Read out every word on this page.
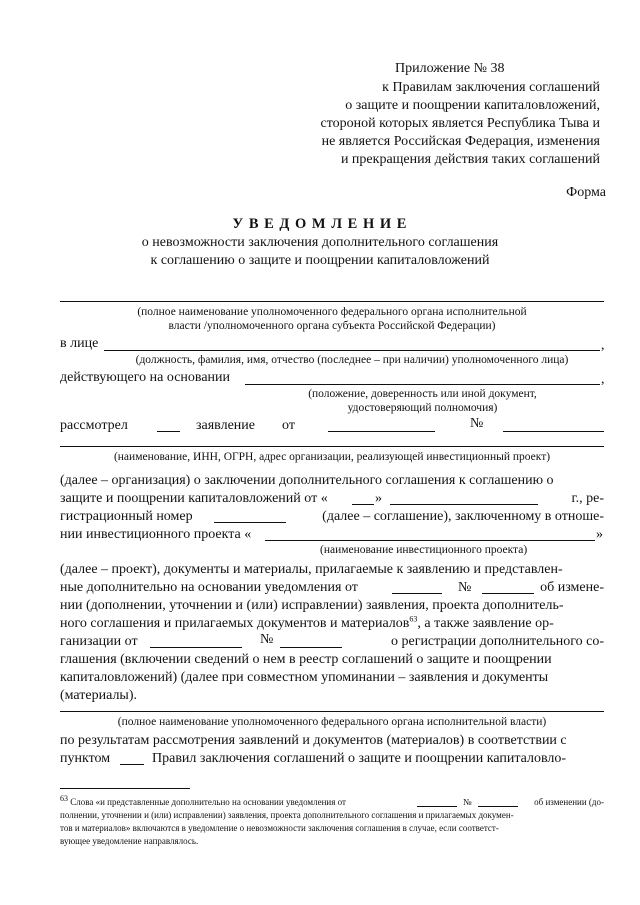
Приложение № 38
к Правилам заключения соглашений
о защите и поощрении капиталовложений,
стороной которых является Республика Тыва и
не является Российская Федерация, изменения
и прекращения действия таких соглашений
Форма
У В Е Д О М Л Е Н И Е
о невозможности заключения дополнительного соглашения
к соглашению о защите и поощрении капиталовложений
(полное наименование уполномоченного федерального органа исполнительной
власти /уполномоченного органа субъекта Российской Федерации)
в лице	,
(должность, фамилия, имя, отчество (последнее – при наличии) уполномоченного лица)
действующего на основании	,
(положение, доверенность или иной документ,
удостоверяющий полномочия)
рассмотрел	заявление от	№
(наименование, ИНН, ОГРН, адрес организации, реализующей инвестиционный проект)
(далее – организация) о заключении дополнительного соглашения к соглашению о
защите и поощрении капиталовложений от «	»	г., ре-
гистрационный номер	(далее – соглашение), заключенному в отноше-
нии инвестиционного проекта «	»
(наименование инвестиционного проекта)
(далее – проект), документы и материалы, прилагаемые к заявлению и представлен-
ные дополнительно на основании уведомления от	№	об измене-
нии (дополнении, уточнении и (или) исправлении) заявления, проекта дополнитель-
ного соглашения и прилагаемых документов и материалов$^{63}$, а также заявление ор-
ганизации от	№	о регистрации дополнительного со-
глашения (включении сведений о нем в реестр соглашений о защите и поощрении
капиталовложений) (далее при совместном упоминании – заявления и документы
(материалы).
(полное наименование уполномоченного федерального органа исполнительной власти)
по результатам рассмотрения заявлений и документов (материалов) в соответствии с
пунктом	Правил заключения соглашений о защите и поощрении капиталовло-
$^{63}$ Слова «и представленные дополнительно на основании уведомления от	№	об изменении (до-
полнении, уточнении и (или) исправлении) заявления, проекта дополнительного соглашения и прилагаемых докумен-
тов и материалов» включаются в уведомление о невозможности заключения соглашения в случае, если соответст-
вующее уведомление направлялось.
